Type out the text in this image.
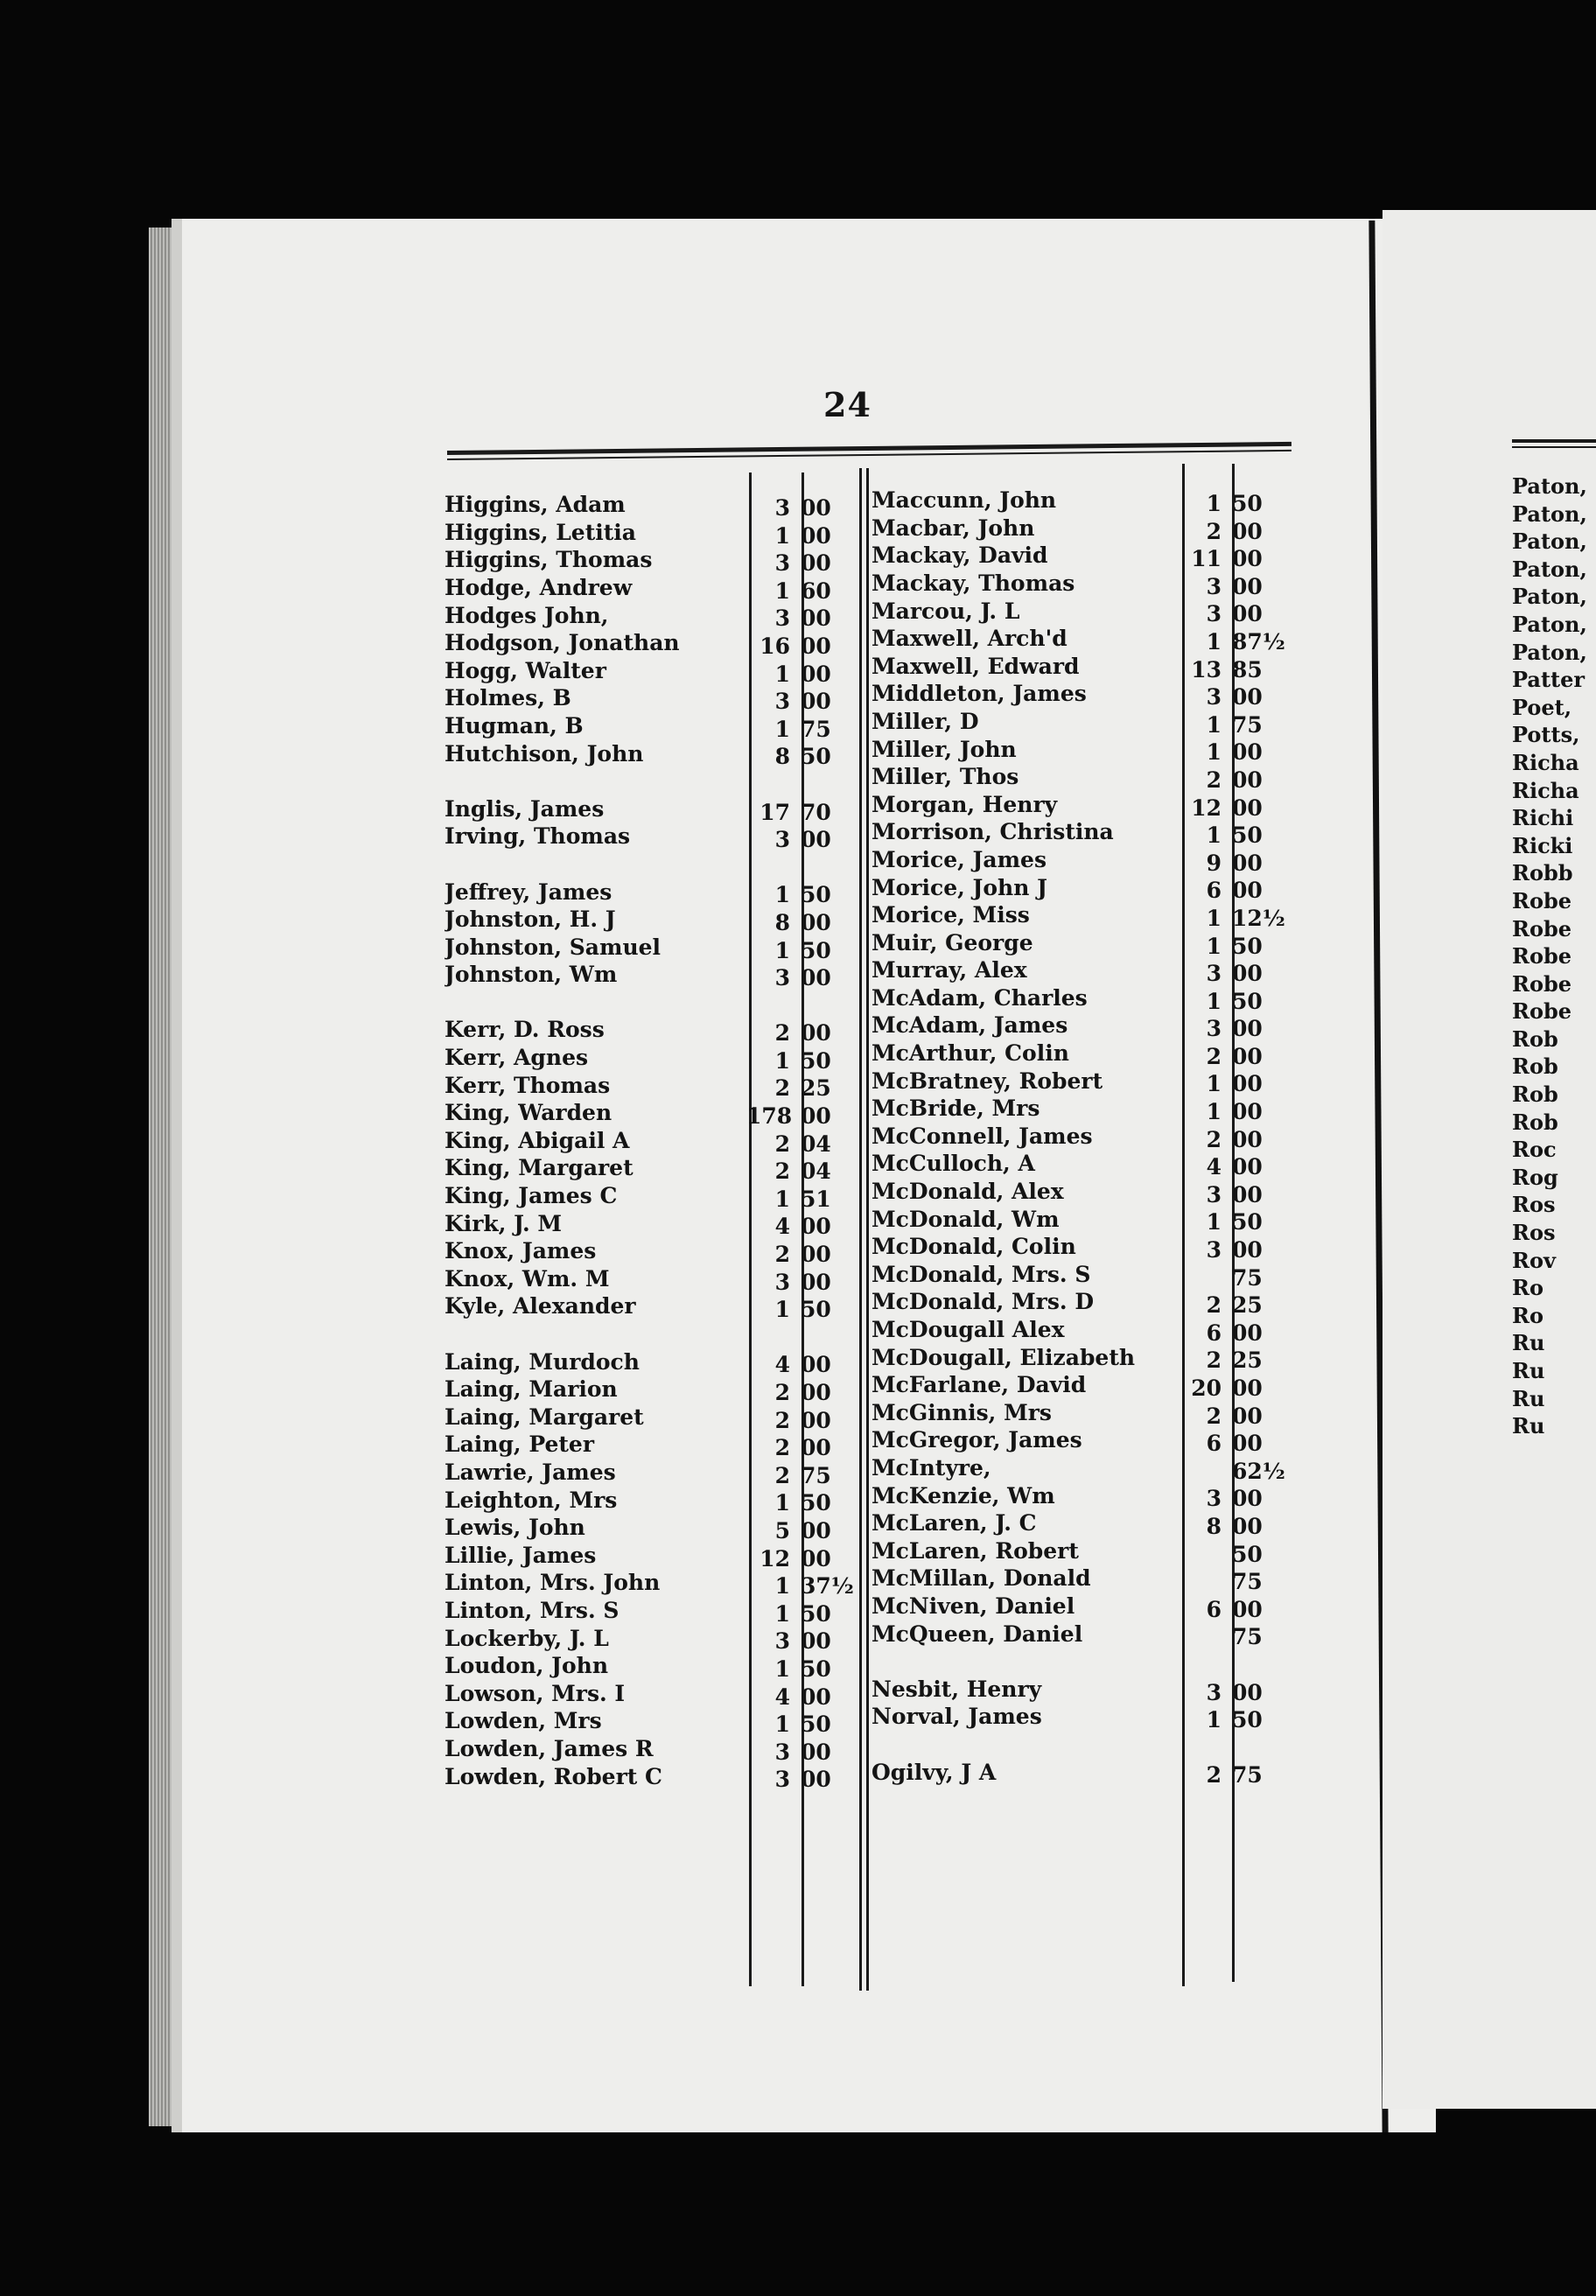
24
Higgins, Adam	3 00
Higgins, Letitia	1 00
Higgins, Thomas	3 00
Hodge, Andrew	1 60
Hodges John,	3 00
Hodgson, Jonathan	16 00
Hogg, Walter	1 00
Holmes, B	3 00
Hugman, B	1 75
Hutchison, John	8 50
Inglis, James	17 70
Irving, Thomas	3 00
Jeffrey, James	1 50
Johnston, H. J	8 00
Johnston, Samuel	1 50
Johnston, Wm	3 00
Kerr, D. Ross	2 00
Kerr, Agnes	1 50
Kerr, Thomas	2 25
King, Warden	178 00
King, Abigail A	2 04
King, Margaret	2 04
King, James C	1 51
Kirk, J. M	4 00
Knox, James	2 00
Knox, Wm. M	3 00
Kyle, Alexander	1 50
Laing, Murdoch	4 00
Laing, Marion	2 00
Laing, Margaret	2 00
Laing, Peter	2 00
Lawrie, James	2 75
Leighton, Mrs	1 50
Lewis, John	5 00
Lillie, James	12 00
Linton, Mrs. John	1 37½
Linton, Mrs. S	1 50
Lockerby, J. L	3 00
Loudon, John	1 50
Lowson, Mrs. I	4 00
Lowden, Mrs	1 50
Lowden, James R	3 00
Lowden, Robert C	3 00
Maccunn, John	1 50
Macbar, John	2 00
Mackay, David	11 00
Mackay, Thomas	3 00
Marcou, J. L	3 00
Maxwell, Arch'd	1 87½
Maxwell, Edward	13 85
Middleton, James	3 00
Miller, D	1 75
Miller, John	1 00
Miller, Thos	2 00
Morgan, Henry	12 00
Morrison, Christina	1 50
Morice, James	9 00
Morice, John J	6 00
Morice, Miss	1 12½
Muir, George	1 50
Murray, Alex	3 00
McAdam, Charles	1 50
McAdam, James	3 00
McArthur, Colin	2 00
McBratney, Robert	1 00
McBride, Mrs	1 00
McConnell, James	2 00
McCulloch, A	4 00
McDonald, Alex	3 00
McDonald, Wm	1 50
McDonald, Colin	3 00
McDonald, Mrs. S	75
McDonald, Mrs. D	2 25
McDougall Alex	6 00
McDougall, Elizabeth	2 25
McFarlane, David	20 00
McGinnis, Mrs	2 00
McGregor, James	6 00
McIntyre,	62½
McKenzie, Wm	3 00
McLaren, J. C	8 00
McLaren, Robert	50
McMillan, Donald	75
McNiven, Daniel	6 00
McQueen, Daniel	75
Nesbit, Henry	3 00
Norval, James	1 50
Ogilvy, J A	2 75
Paton,
Paton,
Paton,
Paton,
Paton,
Paton,
Paton,
Patter
Poet,
Potts,
Richa
Richa
Richi
Ricki
Robb
Robe
Robe
Robe
Robe
Robe
Rob
Rob
Rob
Rob
Roc
Rog
Ros
Ros
Rov
Ro
Ro
Ru
Ru
Ru
Ru
